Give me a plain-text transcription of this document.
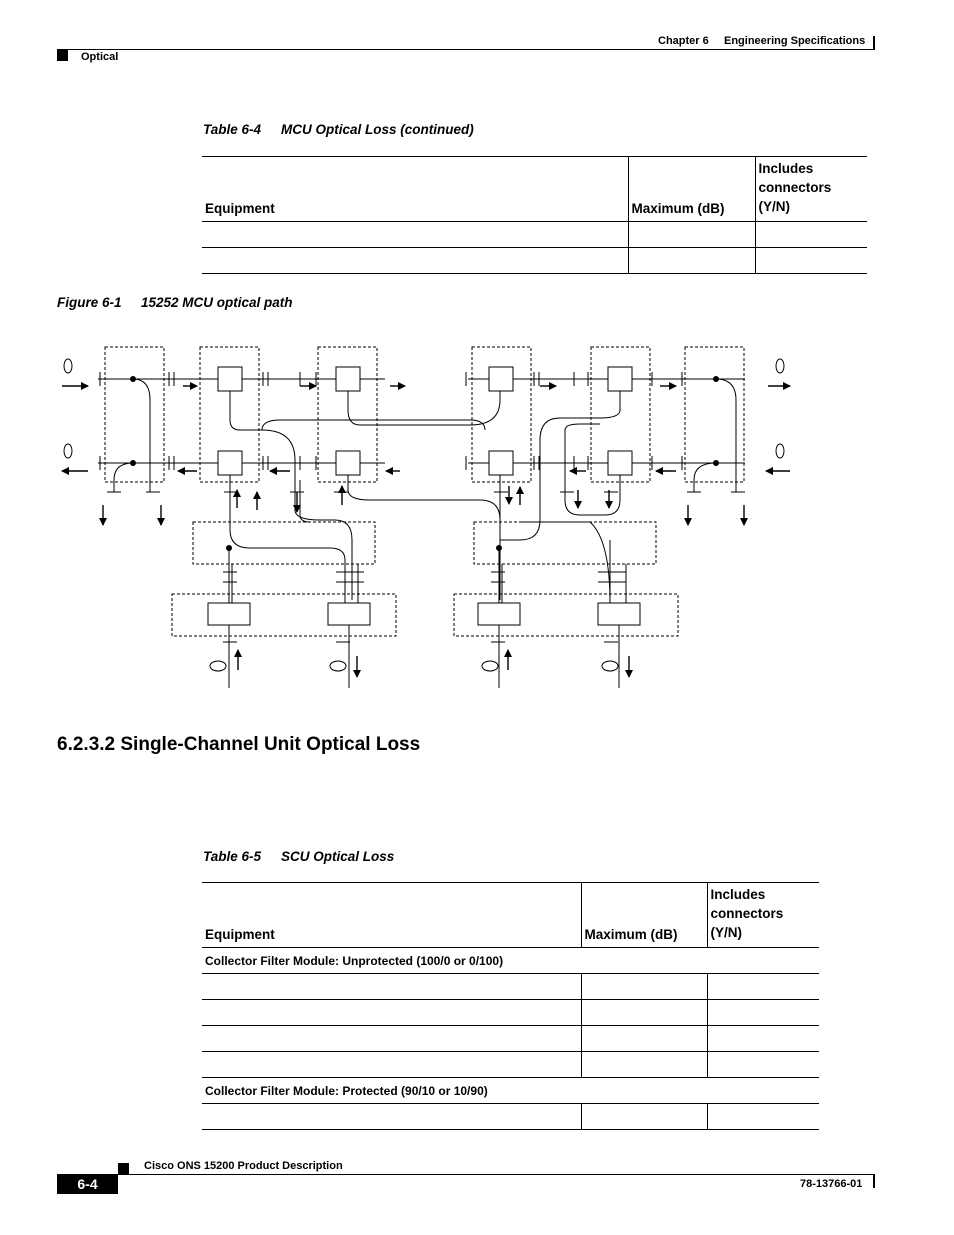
Chapter 6 Engineering Specifications
Optical
Table 6-4 MCU Optical Loss (continued)
Equipment	Maximum (dB)	Includes connectors (Y/N)

Figure 6-1 15252 MCU optical path
6.2.3.2 Single-Channel Unit Optical Loss
Table 6-5 SCU Optical Loss
Equipment	Maximum (dB)	Includes connectors (Y/N)
Collector Filter Module: Unprotected (100/0 or 0/100)		

Collector Filter Module: Protected (90/10 or 10/90)		

Cisco ONS 15200 Product Description
6-4	78-13766-01
